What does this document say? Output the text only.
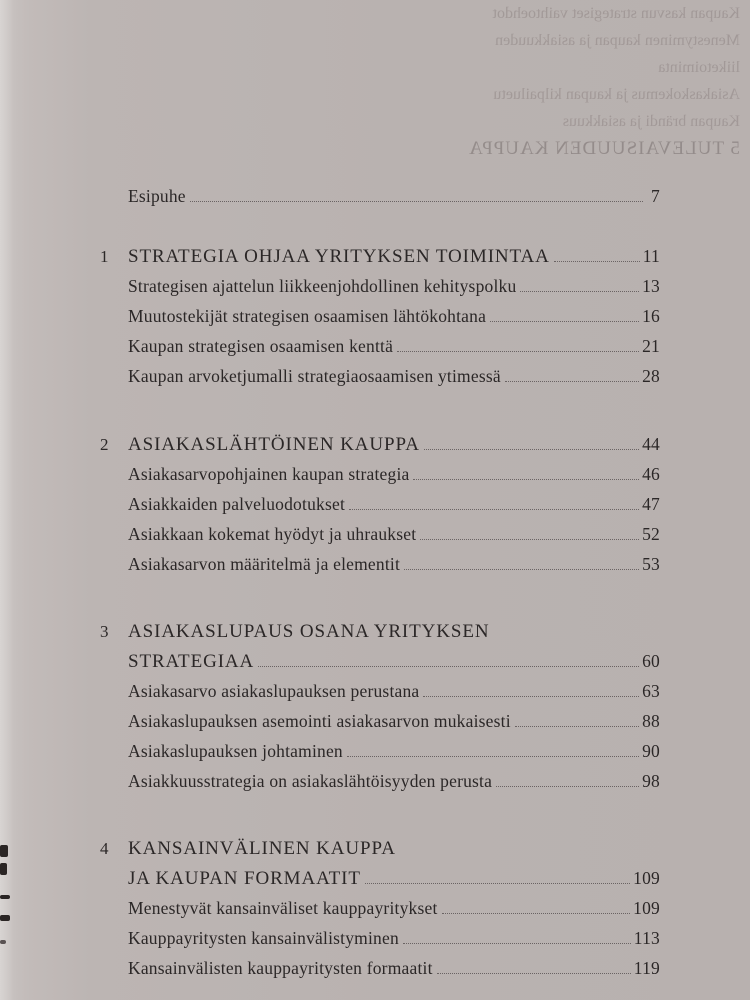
Kaupan kasvun strategiset vaihtoehdot
Menestyminen kaupan ja asiakkuuden
liiketoiminta
Asiakaskokemus ja kaupan kilpailuetu
Kaupan brändi ja asiakkuus
5 TULEVAISUUDEN KAUPPA
Esipuhe	7
1	STRATEGIA OHJAA YRITYKSEN TOIMINTAA	11
Strategisen ajattelun liikkeenjohdollinen kehityspolku	13
Muutostekijät strategisen osaamisen lähtökohtana	16
Kaupan strategisen osaamisen kenttä	21
Kaupan arvoketjumalli strategiaosaamisen ytimessä	28
2	ASIAKASLÄHTÖINEN KAUPPA	44
Asiakasarvopohjainen kaupan strategia	46
Asiakkaiden palveluodotukset	47
Asiakkaan kokemat hyödyt ja uhraukset	52
Asiakasarvon määritelmä ja elementit	53
3	ASIAKASLUPAUS OSANA YRITYKSEN
STRATEGIAA	60
Asiakasarvo asiakaslupauksen perustana	63
Asiakaslupauksen asemointi asiakasarvon mukaisesti	88
Asiakaslupauksen johtaminen	90
Asiakkuusstrategia on asiakaslähtöisyyden perusta	98
4	KANSAINVÄLINEN KAUPPA
JA KAUPAN FORMAATIT	109
Menestyvät kansainväliset kauppayritykset	109
Kauppayritysten kansainvälistyminen	113
Kansainvälisten kauppayritysten formaatit	119
